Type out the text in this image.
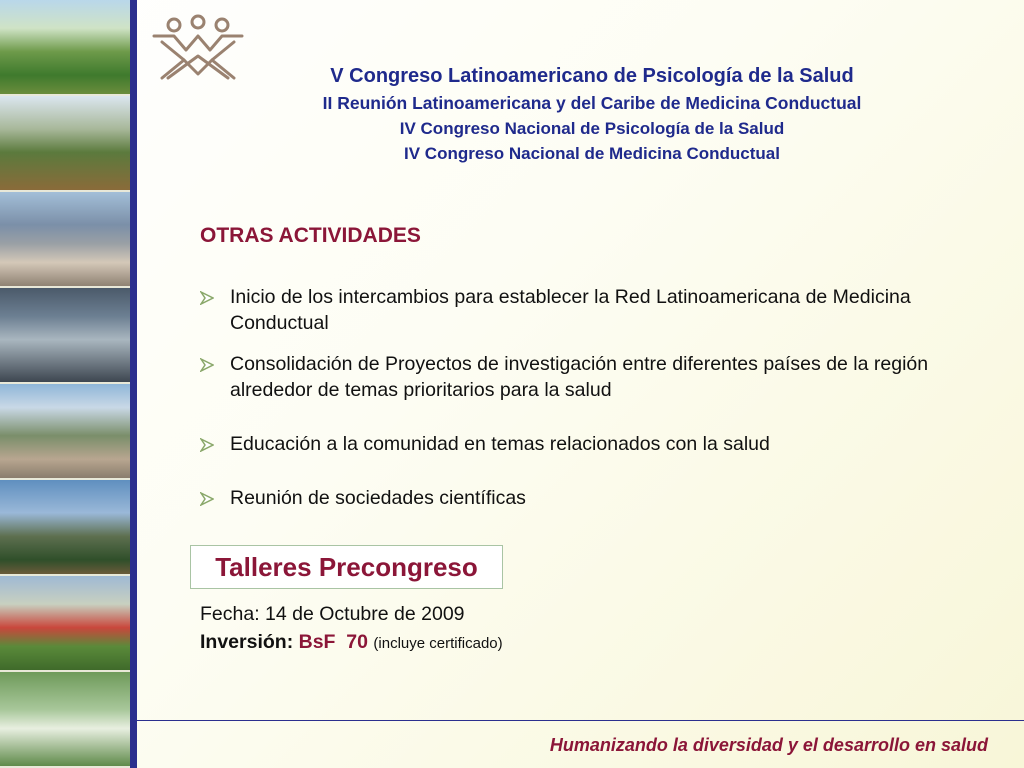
V Congreso Latinoamericano de Psicología de la Salud
II Reunión Latinoamericana y del Caribe de Medicina Conductual
IV Congreso Nacional de Psicología de la Salud
IV Congreso Nacional de Medicina Conductual
OTRAS ACTIVIDADES
Inicio de los intercambios para establecer la Red Latinoamericana de Medicina Conductual
Consolidación de Proyectos de investigación entre diferentes países de la región alrededor de temas prioritarios para la salud
Educación a la comunidad en temas relacionados con la salud
Reunión de sociedades científicas
Talleres Precongreso
Fecha: 14 de Octubre de 2009
Inversión: BsF  70 (incluye certificado)
Humanizando la diversidad y el desarrollo en salud
